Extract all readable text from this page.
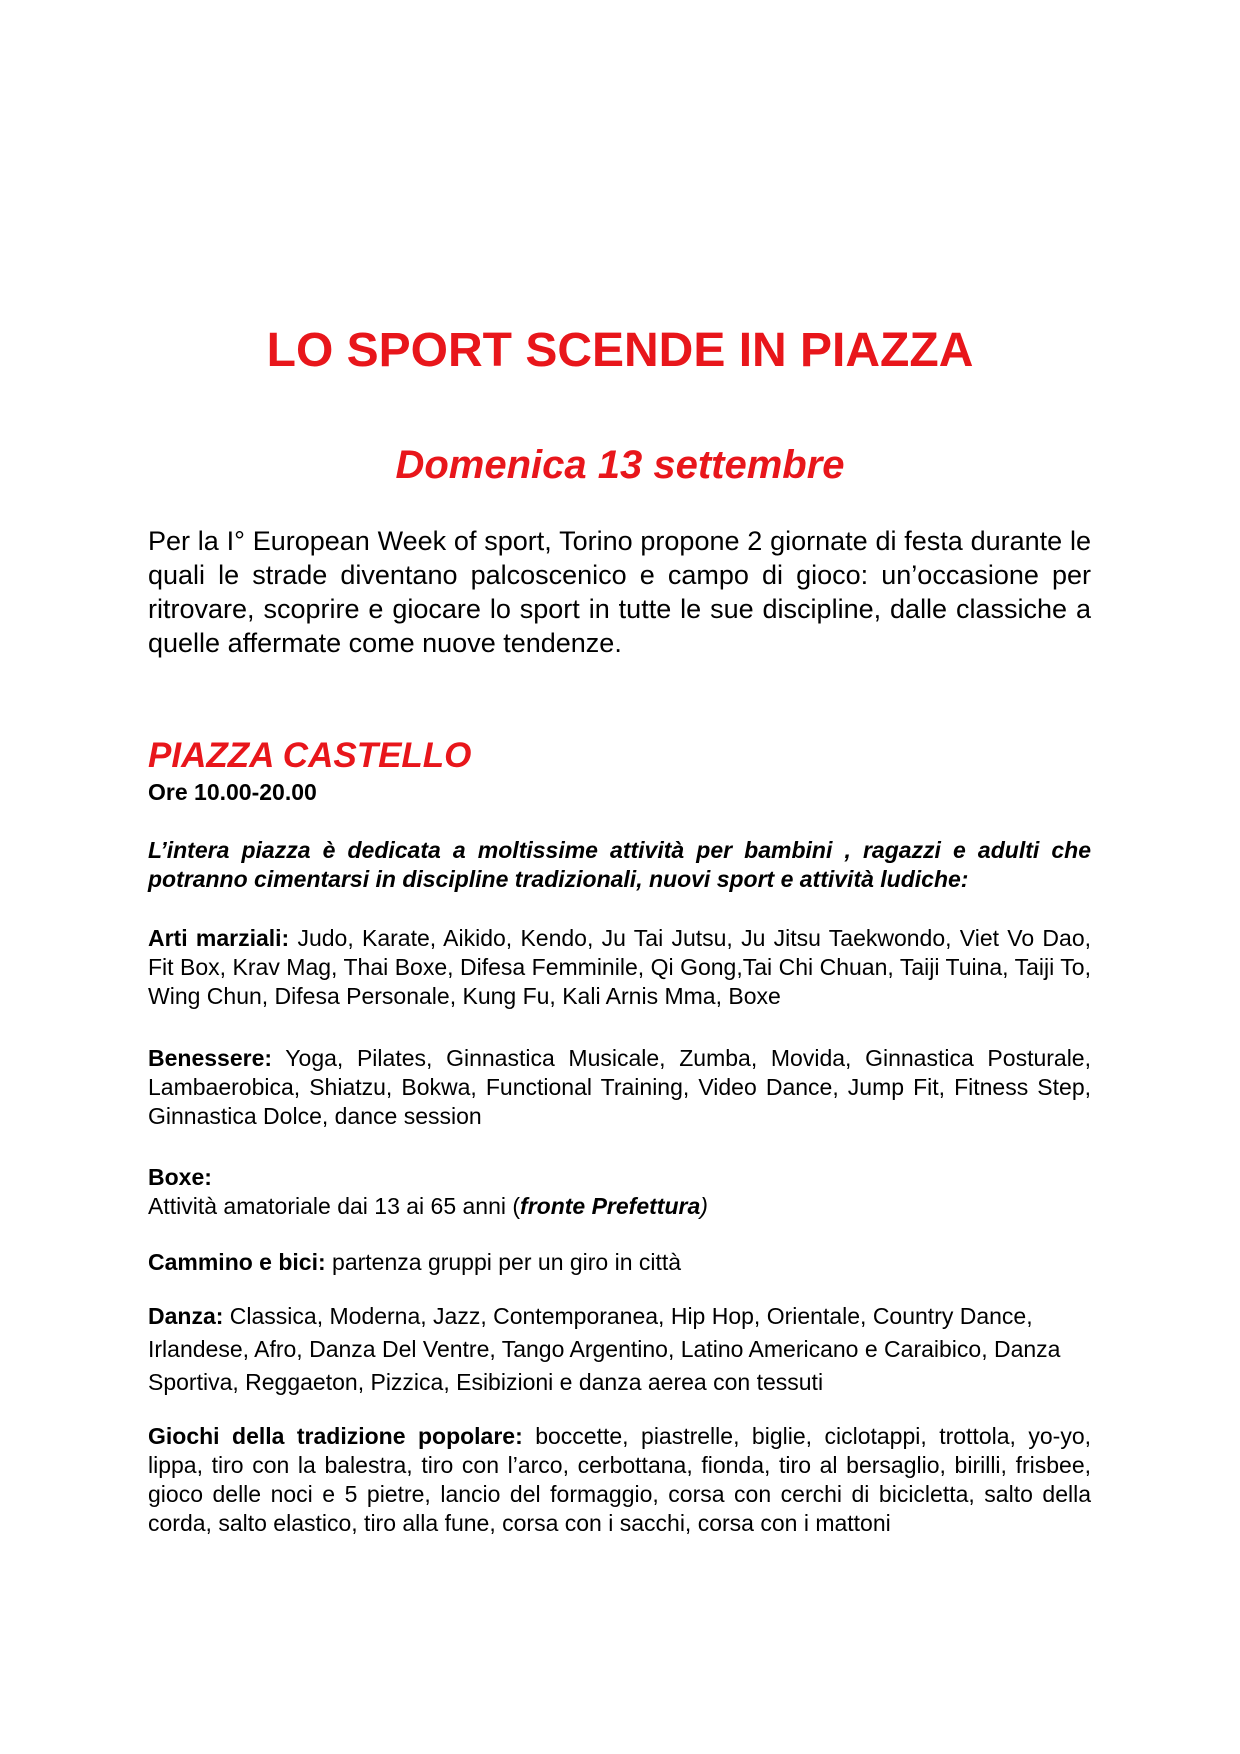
LO SPORT SCENDE IN PIAZZA
Domenica 13 settembre

Per la I° European Week of sport, Torino propone 2 giornate di festa durante le quali le strade diventano palcoscenico e campo di gioco: un’occasione per ritrovare, scoprire e giocare lo sport in tutte le sue discipline, dalle classiche a quelle affermate come nuove tendenze.

PIAZZA CASTELLO

Ore 10.00-20.00

L’intera piazza è dedicata a moltissime attività per bambini , ragazzi e adulti che potranno cimentarsi in discipline tradizionali, nuovi sport e attività ludiche:

Arti marziali: Judo, Karate, Aikido, Kendo, Ju Tai Jutsu, Ju Jitsu Taekwondo, Viet Vo Dao, Fit Box, Krav Mag, Thai Boxe, Difesa Femminile, Qi Gong,Tai Chi Chuan, Taiji Tuina, Taiji To, Wing Chun, Difesa Personale, Kung Fu, Kali Arnis Mma, Boxe

Benessere: Yoga, Pilates, Ginnastica Musicale, Zumba, Movida, Ginnastica Posturale, Lambaerobica, Shiatzu, Bokwa, Functional Training, Video Dance, Jump Fit, Fitness Step, Ginnastica Dolce, dance session

Boxe:
Attività amatoriale dai 13 ai 65 anni (fronte Prefettura)

Cammino e bici: partenza gruppi per un giro in città

Danza: Classica, Moderna, Jazz, Contemporanea, Hip Hop, Orientale, Country Dance, Irlandese, Afro, Danza Del Ventre, Tango Argentino, Latino Americano e Caraibico, Danza Sportiva, Reggaeton, Pizzica, Esibizioni e danza aerea con tessuti

Giochi della tradizione popolare: boccette, piastrelle, biglie, ciclotappi, trottola, yo-yo, lippa, tiro con la balestra, tiro con l’arco, cerbottana, fionda, tiro al bersaglio, birilli, frisbee, gioco delle noci e 5 pietre, lancio del formaggio, corsa con cerchi di bicicletta, salto della corda, salto elastico, tiro alla fune, corsa con i sacchi, corsa con i mattoni
